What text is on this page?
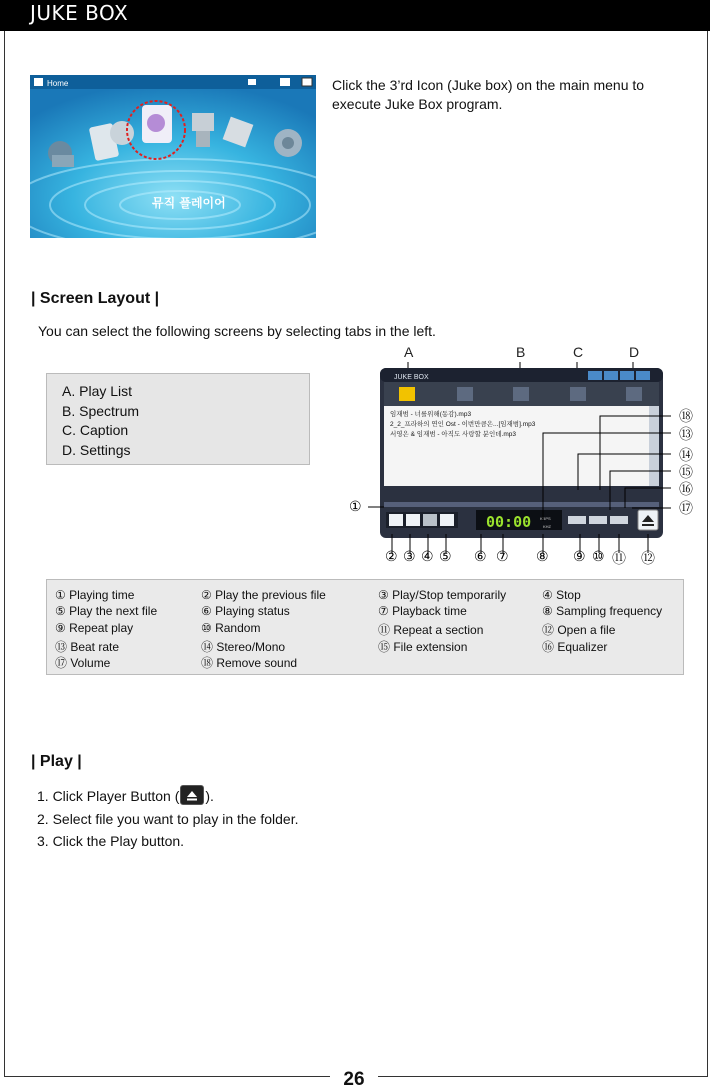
JUKE BOX
26
Home
뮤직 플레이어
Click the 3’rd Icon (Juke box) on the main menu to execute Juke Box program.
| Screen Layout |
You can select the following screens by selecting tabs in the left.
A. Play List
B. Spectrum
C. Caption
D. Settings
A	B	C	D
JUKE BOX
임재범 - 너를위해(동감).mp3
2_2_프라하의 연인 Ost - 이번만큼은...[임재범].mp3
서영은 & 임재범 - 아직도 사랑할 분인데.mp3
00:00 KBPS
KHZ
⑱
⑬
⑭
⑮
⑯
⑰
①
② ③ ④ ⑤ ⑥ ⑦ ⑧ ⑨ ⑩ ⑪ ⑫
① Playing time	② Play the previous file	③ Play/Stop temporarily	④ Stop
⑤ Play the next file	⑥ Playing status	⑦ Playback time	⑧ Sampling frequency
⑨ Repeat play	⑩ Random	⑪ Repeat a section	⑫ Open a file
⑬ Beat rate	⑭ Stereo/Mono	⑮ File extension	⑯ Equalizer
⑰ Volume	⑱ Remove sound
| Play |
1. Click Player Button ( ).
2. Select file you want to play in the folder.
3. Click the Play button.
